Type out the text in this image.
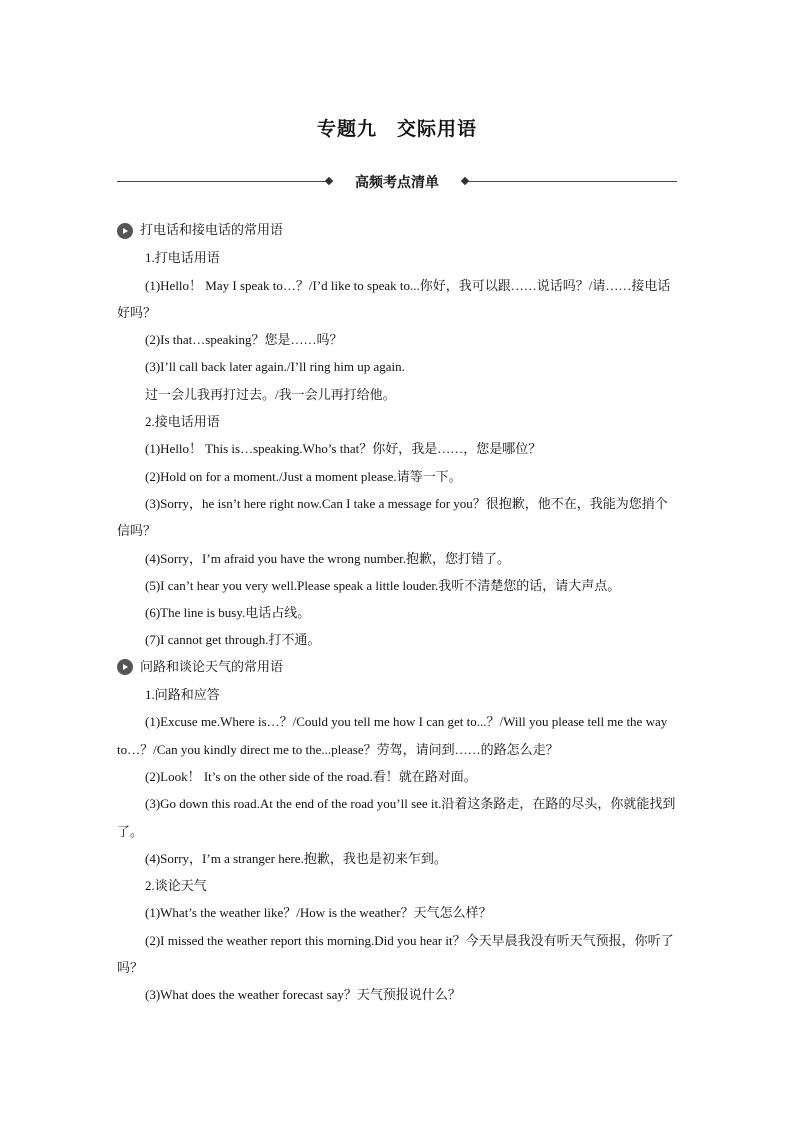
专题九　交际用语
高频考点清单
打电话和接电话的常用语

1.打电话用语

(1)Hello！ May I speak to…？/I’d like to speak to...你好，我可以跟……说话吗？/请……接电话好吗？

(2)Is that…speaking？您是……吗？

(3)I’ll call back later again./I’ll ring him up again.

过一会儿我再打过去。/我一会儿再打给他。

2.接电话用语

(1)Hello！ This is…speaking.Who’s that？你好，我是……，您是哪位？

(2)Hold on for a moment./Just a moment please.请等一下。

(3)Sorry，he isn’t here right now.Can I take a message for you？很抱歉，他不在，我能为您捎个信吗？

(4)Sorry，I’m afraid you have the wrong number.抱歉，您打错了。

(5)I can’t hear you very well.Please speak a little louder.我听不清楚您的话，请大声点。

(6)The line is busy.电话占线。

(7)I cannot get through.打不通。

问路和谈论天气的常用语

1.问路和应答

(1)Excuse me.Where is…？/Could you tell me how I can get to...？/Will you please tell me the way to…？/Can you kindly direct me to the...please？劳驾，请问到……的路怎么走？

(2)Look！ It’s on the other side of the road.看！就在路对面。

(3)Go down this road.At the end of the road you’ll see it.沿着这条路走，在路的尽头，你就能找到了。

(4)Sorry，I’m a stranger here.抱歉，我也是初来乍到。

2.谈论天气

(1)What’s the weather like？/How is the weather？天气怎么样？

(2)I missed the weather report this morning.Did you hear it？今天早晨我没有听天气预报，你听了吗？

(3)What does the weather forecast say？天气预报说什么？
